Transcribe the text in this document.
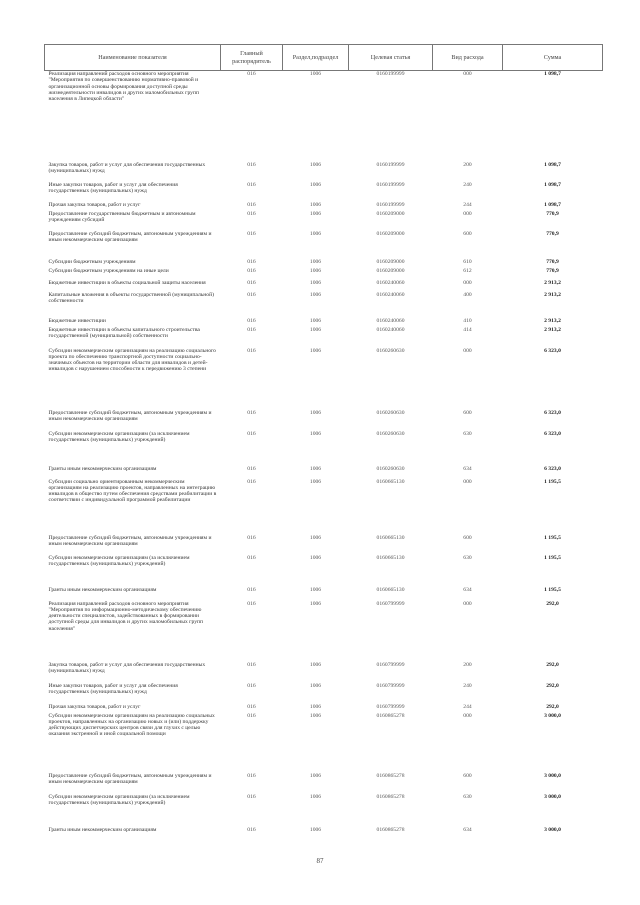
Наименование показателя	Главный распорядитель	Раздел,подраздел	Целевая статья	Вид расхода	Сумма
Реализация направлений расходов основного мероприятия "Мероприятия по совершенствованию нормативно-правовой и организационной основы формирования доступной среды жизнедеятельности инвалидов и других маломобильных групп населения в Липецкой области"	016	1006	0160199999	000	1 098,7
Закупка товаров, работ и услуг для обеспечения государственных (муниципальных) нужд	016	1006	0160199999	200	1 098,7
Иные закупки товаров, работ и услуг для обеспечения государственных (муниципальных) нужд	016	1006	0160199999	240	1 098,7
Прочая закупка товаров, работ и услуг	016	1006	0160199999	244	1 098,7
Предоставление государственным бюджетным и автономным учреждениям субсидий	016	1006	0160209000	000	770,9
Предоставление субсидий бюджетным, автономным учреждениям и иным некоммерческим организациям	016	1006	0160209000	600	770,9
Субсидии бюджетным учреждениям	016	1006	0160209000	610	770,9
Субсидии бюджетным учреждениям на иные цели	016	1006	0160209000	612	770,9
Бюджетные инвестиции в объекты социальной защиты населения	016	1006	0160240060	000	2 913,2
Капитальные вложения в объекты государственной (муниципальной) собственности	016	1006	0160240060	400	2 913,2
Бюджетные инвестиции	016	1006	0160240060	410	2 913,2
Бюджетные инвестиции в объекты капитального строительства государственной (муниципальной) собственности	016	1006	0160240060	414	2 913,2
Субсидии некоммерческим организациям на реализацию социального проекта по обеспечению транспортной доступности социально-значимых объектов на территории области для инвалидов и детей-инвалидов с нарушением способности к передвижению 3 степени	016	1006	0160260630	000	6 323,0
Предоставление субсидий бюджетным, автономным учреждениям и иным некоммерческим организациям	016	1006	0160260630	600	6 323,0
Субсидии некоммерческим организациям (за исключением государственных (муниципальных) учреждений)	016	1006	0160260630	630	6 323,0
Гранты иным некоммерческим организациям	016	1006	0160260630	634	6 323,0
Субсидии социально ориентированным некоммерческим организациям на реализацию проектов, направленных на интеграцию инвалидов в общество путем обеспечения средствами реабилитации в соответствии с индивидуальной программой реабилитации	016	1006	0160665130	000	1 195,5
Предоставление субсидий бюджетным, автономным учреждениям и иным некоммерческим организациям	016	1006	0160665130	600	1 195,5
Субсидии некоммерческим организациям (за исключением государственных (муниципальных) учреждений)	016	1006	0160665130	630	1 195,5
Гранты иным некоммерческим организациям	016	1006	0160665130	634	1 195,5
Реализация направлений расходов основного мероприятия "Мероприятия по информационно-методическому обеспечению деятельности специалистов, задействованных в формировании доступной среды для инвалидов и других маломобильных групп населения"	016	1006	0160799999	000	292,0
Закупка товаров, работ и услуг для обеспечения государственных (муниципальных) нужд	016	1006	0160799999	200	292,0
Иные закупки товаров, работ и услуг для обеспечения государственных (муниципальных) нужд	016	1006	0160799999	240	292,0
Прочая закупка товаров, работ и услуг	016	1006	0160799999	244	292,0
Субсидии некоммерческим организациям на реализацию социальных проектов, направленных на организацию новых и (или) поддержку действующих диспетчерских центров связи для глухих с целью оказания экстренной и иной социальной помощи	016	1006	0160865278	000	3 000,0
Предоставление субсидий бюджетным, автономным учреждениям и иным некоммерческим организациям	016	1006	0160865278	600	3 000,0
Субсидии некоммерческим организациям (за исключением государственных (муниципальных) учреждений)	016	1006	0160865278	630	3 000,0
Гранты иным некоммерческим организациям	016	1006	0160865278	634	3 000,0
87
